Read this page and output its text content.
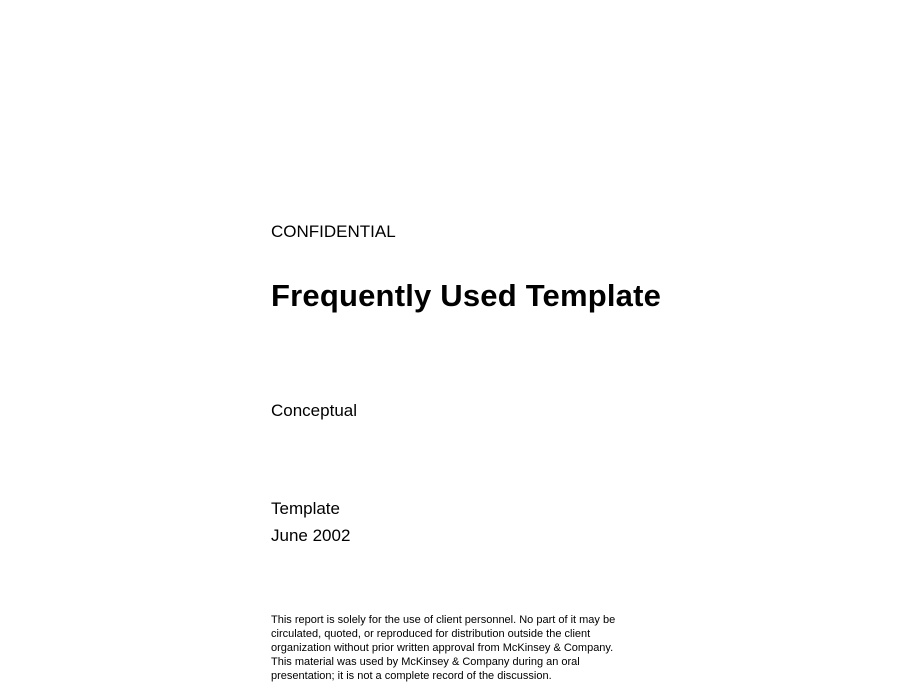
CONFIDENTIAL
Frequently Used Template
Conceptual
Template
June 2002
This report is solely for the use of client personnel. No part of it may be
circulated, quoted, or reproduced for distribution outside the client
organization without prior written approval from McKinsey & Company.
This material was used by McKinsey & Company during an oral
presentation; it is not a complete record of the discussion.
